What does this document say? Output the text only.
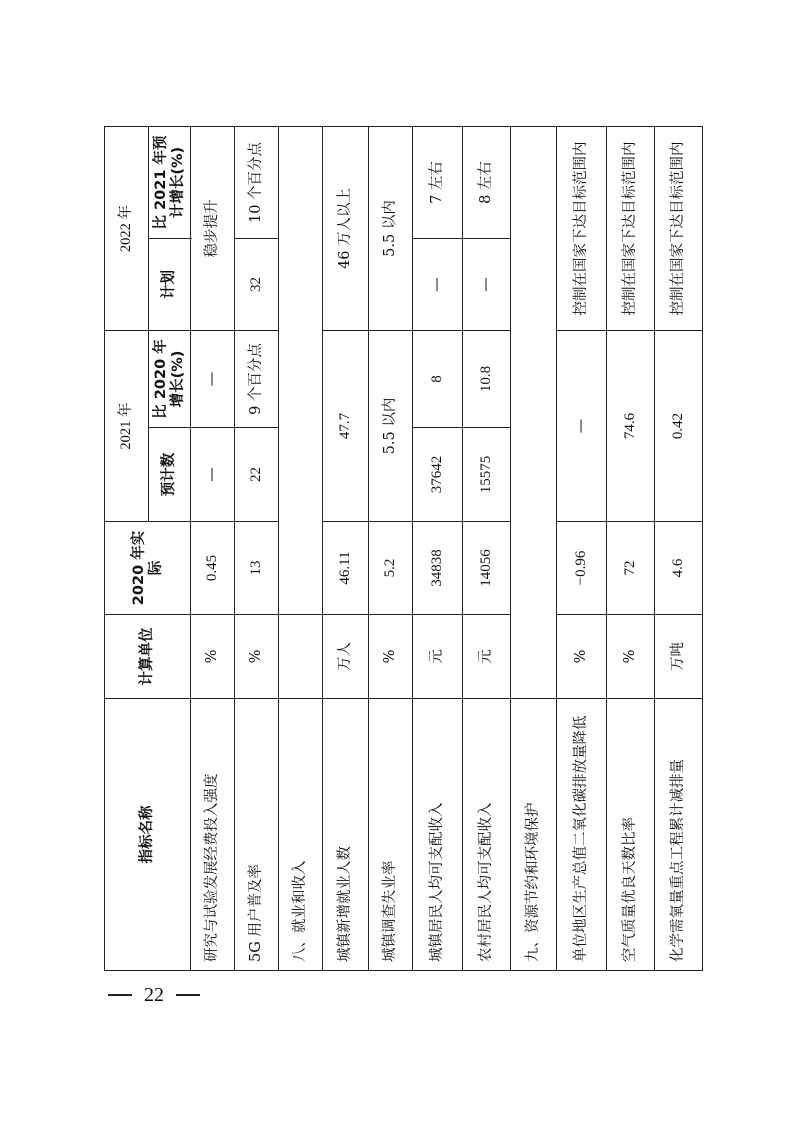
指标名称	计算单位	2020 年实际	2021 年		2022 年	
			预计数	比 2020 年增长(%)	计划	比 2021 年预计增长(%)

研究与试验发展经费投入强度	%	0.45	—	—	稳步提升	
5G 用户普及率	%	13	22	9 个百分点	32	10 个百分点
八、就业和收入						
城镇新增就业人数	万人	46.11	47.7		46 万人以上	
城镇调查失业率	%	5.2	5.5 以内		5.5 以内	
城镇居民人均可支配收入	元	34838	37642	8	—	7 左右
农村居民人均可支配收入	元	14056	15575	10.8	—	8 左右
九、资源节约和环境保护						
单位地区生产总值二氧化碳排放量降低	%	−0.96	—		控制在国家下达目标范围内	
空气质量优良天数比率	%	72	74.6		控制在国家下达目标范围内	
化学需氧量重点工程累计减排量	万吨	4.6	0.42		控制在国家下达目标范围内	
22
